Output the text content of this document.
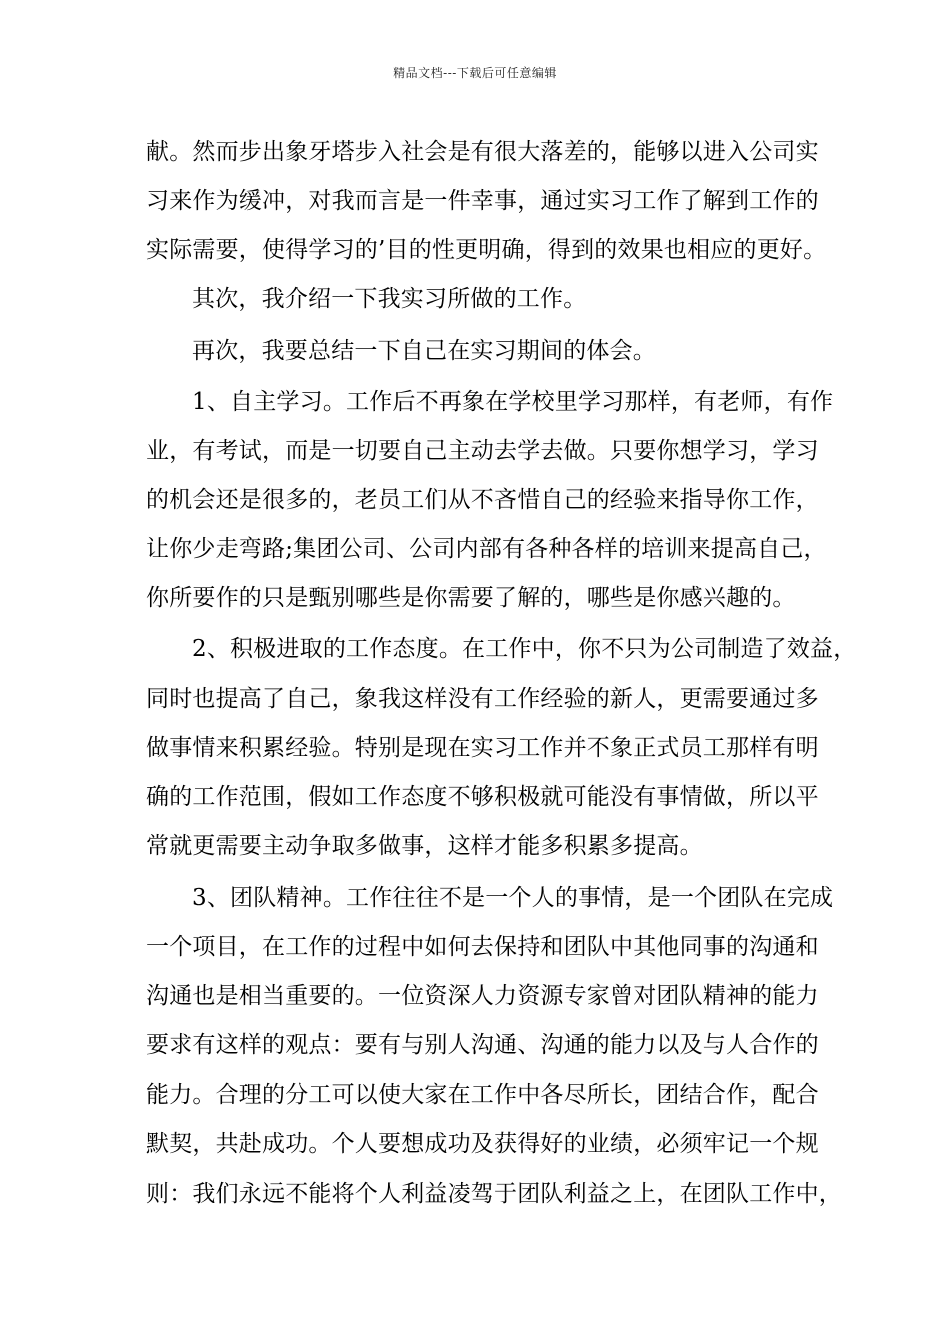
精品文档---下载后可任意编辑
献。然而步出象牙塔步入社会是有很大落差的，能够以进入公司实
习来作为缓冲，对我而言是一件幸事，通过实习工作了解到工作的
实际需要，使得学习的’目的性更明确，得到的效果也相应的更好。
其次，我介绍一下我实习所做的工作。
再次，我要总结一下自己在实习期间的体会。
1、自主学习。工作后不再象在学校里学习那样，有老师，有作
业，有考试，而是一切要自己主动去学去做。只要你想学习，学习
的机会还是很多的，老员工们从不吝惜自己的经验来指导你工作，
让你少走弯路;集团公司、公司内部有各种各样的培训来提高自己，
你所要作的只是甄别哪些是你需要了解的，哪些是你感兴趣的。
2、积极进取的工作态度。在工作中，你不只为公司制造了效益，
同时也提高了自己，象我这样没有工作经验的新人，更需要通过多
做事情来积累经验。特别是现在实习工作并不象正式员工那样有明
确的工作范围，假如工作态度不够积极就可能没有事情做，所以平
常就更需要主动争取多做事，这样才能多积累多提高。
3、团队精神。工作往往不是一个人的事情，是一个团队在完成
一个项目，在工作的过程中如何去保持和团队中其他同事的沟通和
沟通也是相当重要的。一位资深人力资源专家曾对团队精神的能力
要求有这样的观点：要有与别人沟通、沟通的能力以及与人合作的
能力。合理的分工可以使大家在工作中各尽所长，团结合作，配合
默契，共赴成功。个人要想成功及获得好的业绩，必须牢记一个规
则：我们永远不能将个人利益凌驾于团队利益之上，在团队工作中，
